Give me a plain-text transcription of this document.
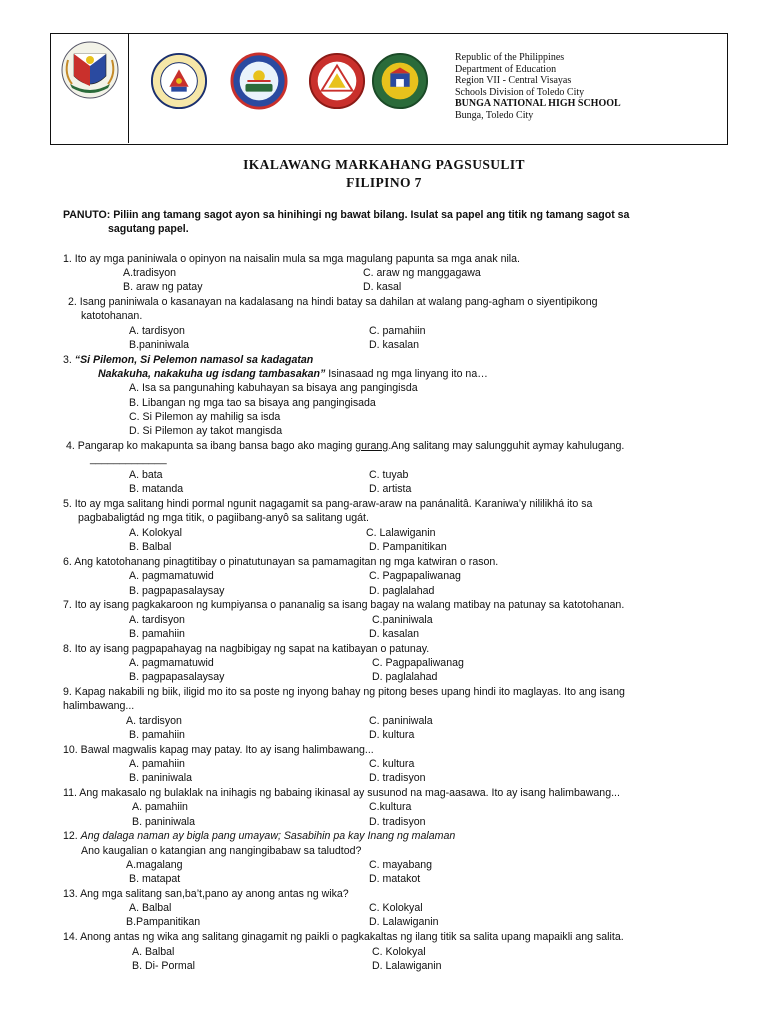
Republic of the Philippines
Department of Education
Region VII - Central Visayas
Schools Division of Toledo City
BUNGA NATIONAL HIGH SCHOOL
Bunga, Toledo City
IKALAWANG MARKAHANG PAGSUSULIT
FILIPINO 7
PANUTO: Piliin ang tamang sagot ayon sa hinihingi ng bawat bilang. Isulat sa papel ang titik ng tamang sagot sa
sagutang papel.
1. Ito ay mga paniniwala o opinyon na naisalin mula sa mga magulang papunta sa mga anak nila.
A.tradisyon	C. araw ng manggagawa
B. araw ng patay	D. kasal
2. Isang paniniwala o kasanayan na kadalasang na hindi batay sa dahilan at walang pang-agham o siyentipikong
katotohanan.
A. tardisyon	C. pamahiin
B.paniniwala	D. kasalan
3. “Si Pilemon, Si Pelemon namasol sa kadagatan
Nakakuha, nakakuha ug isdang tambasakan” Isinasaad ng mga linyang ito na…
A. Isa sa pangunahing kabuhayan sa bisaya ang pangingisda
B. Libangan ng mga tao sa bisaya ang pangingisada
C. Si Pilemon ay mahilig sa isda
D. Si Pilemon ay takot mangisda
4. Pangarap ko makapunta sa ibang bansa bago ako maging gurang.Ang salitang may salungguhit aymay kahulugang.
_____________
A. bata	C. tuyab
B. matanda	D. artista
5. Ito ay mga salitang hindi pormal ngunit nagagamit sa pang-araw-araw na panánalitâ. Karaniwa’y nililikhá ito sa
pagbabaligtád ng mga titik, o pagiibang-anyô sa salitang ugát.
A. Kolokyal	C. Lalawiganin
B. Balbal	D. Pampanitikan
6. Ang katotohanang pinagtitibay o pinatutunayan sa pamamagitan ng mga katwiran o rason.
A. pagmamatuwid	C. Pagpapaliwanag
B. pagpapasalaysay	D. paglalahad
7. Ito ay isang pagkakaroon ng kumpiyansa o pananalig sa isang bagay na walang matibay na patunay sa katotohanan.
A. tardisyon	C.paniniwala
B. pamahiin	D. kasalan
8. Ito ay isang pagpapahayag na nagbibigay ng sapat na katibayan o patunay.
A. pagmamatuwid	C. Pagpapaliwanag
B. pagpapasalaysay	D. paglalahad
9. Kapag nakabili ng biik, iligid mo ito sa poste ng inyong bahay ng pitong beses upang hindi ito maglayas. Ito ang isang
halimbawang...
A. tardisyon	C. paniniwala
B. pamahiin	D. kultura
10. Bawal magwalis kapag may patay. Ito ay isang halimbawang...
A. pamahiin	C. kultura
B. paniniwala	D. tradisyon
11. Ang makasalo ng bulaklak na inihagis ng babaing ikinasal ay susunod na mag-aasawa. Ito ay isang halimbawang...
A. pamahiin	C.kultura
B. paniniwala	D. tradisyon
12. Ang dalaga naman ay bigla pang umayaw; Sasabihin pa kay Inang ng malaman
Ano kaugalian o katangian ang nangingibabaw sa taludtod?
A.magalang	C. mayabang
B. matapat	D. matakot
13. Ang mga salitang san,ba’t,pano ay anong antas ng wika?
A. Balbal	C. Kolokyal
B.Pampanitikan	D. Lalawiganin
14. Anong antas ng wika ang salitang ginagamit ng paikli o pagkakaltas ng ilang titik sa salita upang mapaikli ang salita.
A. Balbal	C. Kolokyal
B. Di- Pormal	D. Lalawiganin
